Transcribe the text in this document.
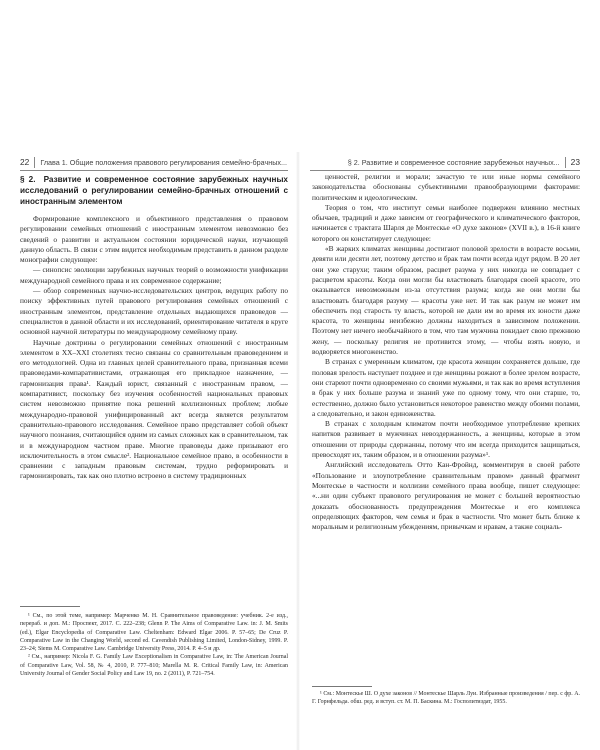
22 Глава 1. Общие положения правового регулирования семейно-брачных...	§ 2. Развитие и современное состояние зарубежных научных... 23
§ 2. Развитие и современное состояние зарубежных научных исследований о регулировании семейно-брачных отношений с иностранным элементом

Формирование комплексного и объективного представления о правовом регулировании семейных отношений с иностранным элементом невозможно без сведений о развитии и актуальном состоянии юридической науки, изучающей данную область. В связи с этим видится необходимым представить в данном разделе монографии следующее:

— синопсис эволюции зарубежных научных теорий о возможности унификации международной семейного права и их современное содержание;

— обзор современных научно-исследовательских центров, ведущих работу по поиску эффективных путей правового регулирования семейных отношений с иностранным элементом, представление отдельных выдающихся правоведов — специалистов в данной области и их исследований, ориентирование читателя в круге основной научной литературы по международному семейному праву.

Научные доктрины о регулировании семейных отношений с иностранным элементом в XX–XXI столетиях тесно связаны со сравнительным правоведением и его методологией. Одна из главных целей сравнительного права, признанная всеми правоведами-компаративистами, отражающая его прикладное назначение, — гармонизация права¹. Каждый юрист, связанный с иностранным правом, — компаративист, поскольку без изучения особенностей национальных правовых систем невозможно принятие пока решений коллизионных проблем; любые международно-правовой унифицированный акт всегда является результатом сравнительно-правового исследования. Семейное право представляет собой объект научного познания, считающийся одним из самых сложных как в сравнительном, так и в международном частном праве. Многие правоведы даже призывают его исключительность в этом смысле². Национальное семейное право, в особенности в сравнении с западным правовым системам, трудно реформировать и гармонизировать, так как оно плотно встроено в систему традиционных

¹ См., по этой теме, например: Марченко М. Н. Сравнительное правоведение: учебник. 2-е изд., перераб. и доп. М.: Проспект, 2017. С. 222–238; Glenn P. The Aims of Comparative Law. in: J. M. Smits (ed.), Elgar Encyclopedia of Comparative Law. Cheltenham: Edward Elgar 2006. P. 57–65; De Cruz P. Comparative Law in the Changing World, second ed. Cavendish Publishing Limited, London-Sidney, 1999. P. 23–24; Siems M. Comparative Law. Cambridge University Press, 2014. P. 4–5 и др.

² См., например: Nicola F. G. Family Law Exceptionalism in Comparative Law, in: The American Journal of Comparative Law, Vol. 58, № 4, 2010, P. 777–810; Marella M. R. Critical Family Law, in: American University Journal of Gender Social Policy and Law 19, no. 2 (2011), P. 721–754.

ценностей, религии и морали; зачастую те или иные нормы семейного законодательства обоснованы субъективными правообразующими факторами: политическим и идеологическим.

Теория о том, что институт семьи наиболее подвержен влиянию местных обычаев, традиций и даже зависим от географического и климатического факторов, начинается с трактата Шарля де Монтескье «О духе законов» (XVII в.), в 16-й книге которого он констатирует следующее:

«В жарких климатах женщины достигают половой зрелости в возрасте восьми, девяти или десяти лет, поэтому детство и брак там почти всегда идут рядом. В 20 лет они уже старухи; таким образом, расцвет разума у них никогда не совпадает с расцветом красоты. Когда они могли бы властвовать благодаря своей красоте, это оказывается невозможным из-за отсутствия разума; когда же они могли бы властвовать благодаря разуму — красоты уже нет. И так как разум не может им обеспечить под старость ту власть, которой не дали им во время их юности даже красота, то женщины неизбежно должны находиться в зависимом положении. Поэтому нет ничего необычайного в том, что там мужчина покидает свою прежнюю жену, — поскольку религия не противится этому, — чтобы взять новую, и водворяется многоженство.

В странах с умеренным климатом, где красота женщин сохраняется дольше, где половая зрелость наступает позднее и где женщины рожают в более зрелом возрасте, они стареют почти одновременно со своими мужьями, и так как во время вступления в брак у них больше разума и знаний уже по одному тому, что они старше, то, естественно, должно было установиться некоторое равенство между обоими полами, а следовательно, и закон единоженства.

В странах с холодным климатом почти необходимое употребление крепких напитков развивает в мужчинах невоздержанность, а женщины, которые в этом отношении от природы сдержанны, потому что им всегда приходится защищаться, превосходят их, таким образом, и в отношении разума»¹.

Английский исследователь Отто Кан-Фройнд, комментируя в своей работе «Пользование и злоупотребление сравнительным правом» данный фрагмент Монтескье в частности и коллизии семейного права вообще, пишет следующее: «...ни один субъект правового регулирования не может с большей вероятностью доказать обоснованность предупреждения Монтескье и его комплекса определяющих факторов, чем семья и брак в частности. Что может быть ближе к моральным и религиозным убеждениям, привычкам и нравам, а также социаль-

¹ См.: Монтескье Ш. О духе законов // Монтескье Шарль Луи. Избранные произведения / пер. с фр. А. Г. Горнфельда. обш. ред. и вступ. ст. М. П. Баскина. М.: Госполитиздат, 1955.
